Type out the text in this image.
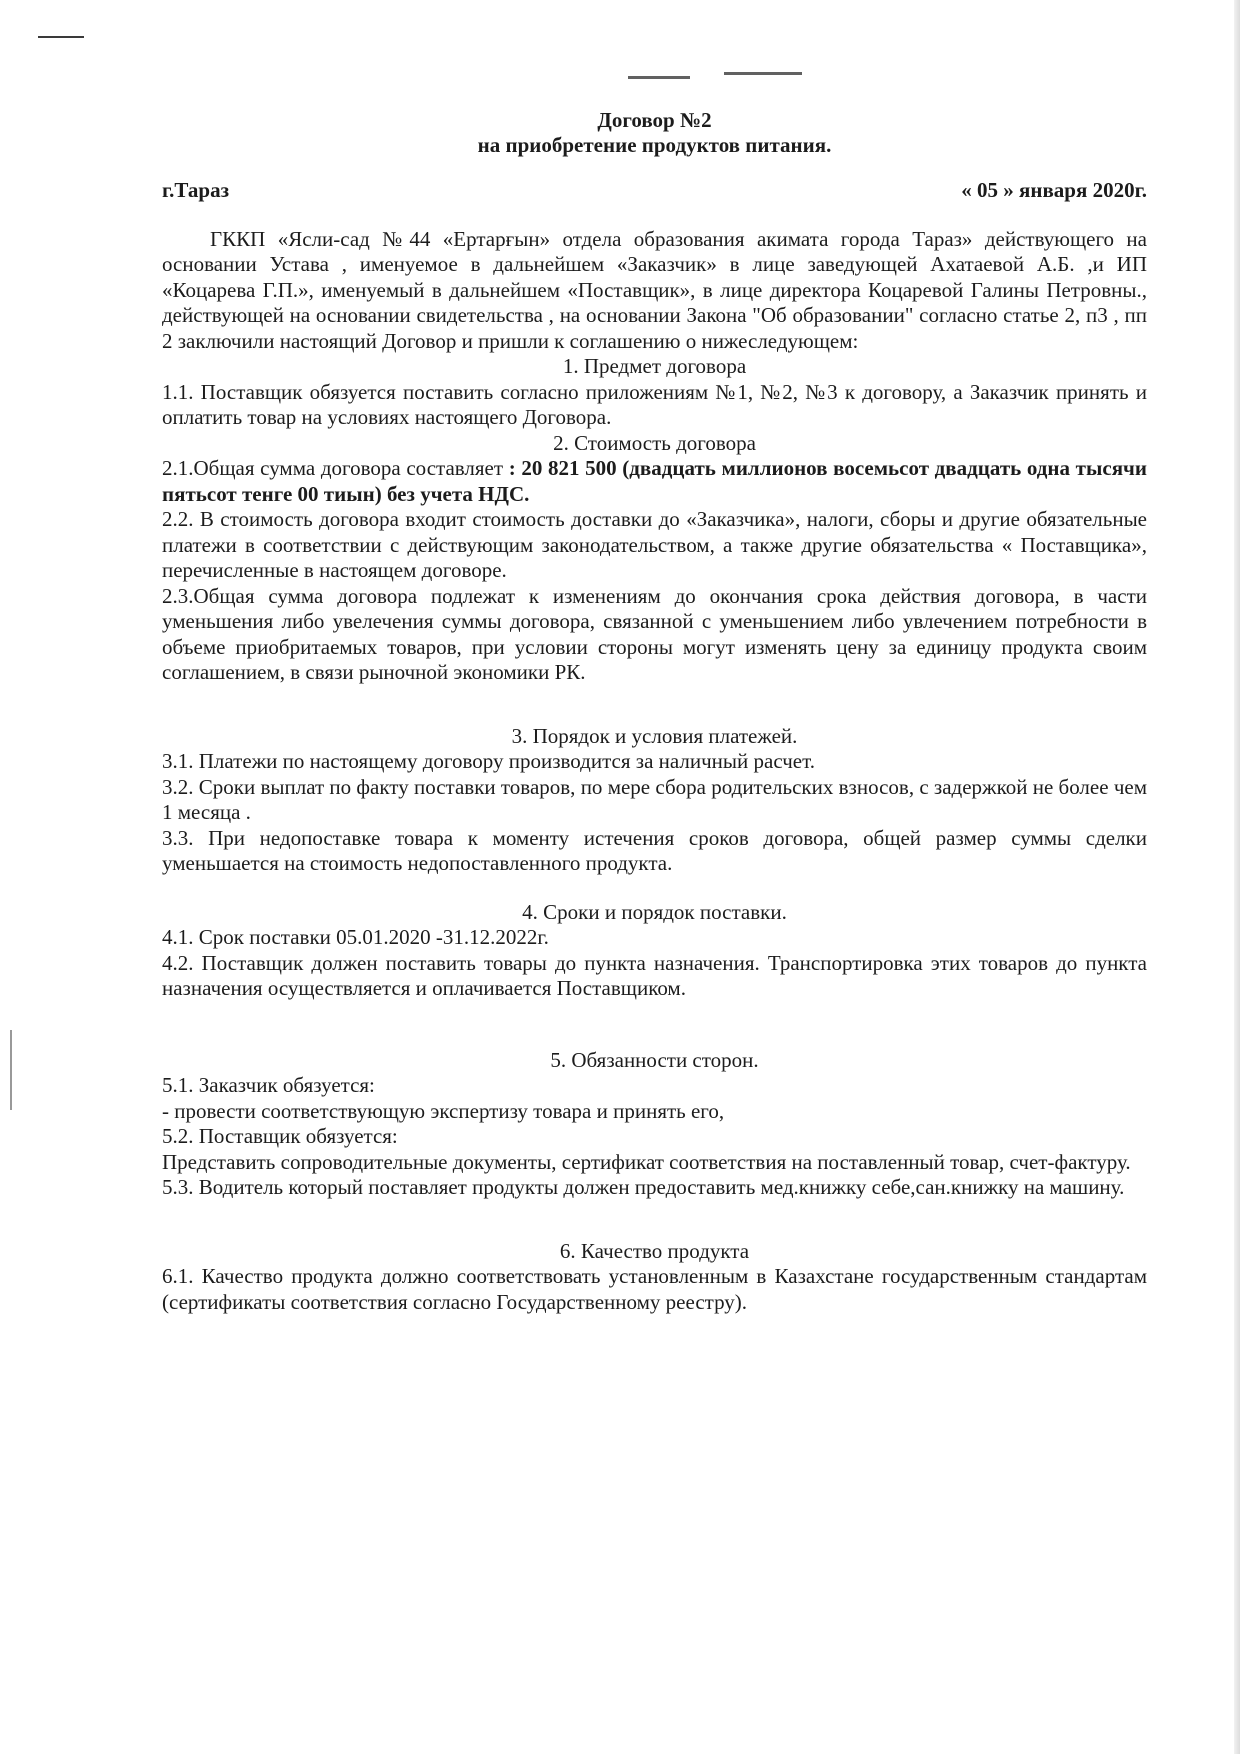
Договор №2
на приобретение продуктов питания.
г.Тараз	« 05 » января 2020г.

ГККП «Ясли-сад №44 «Ертарғын» отдела образования акимата города Тараз» действующего на основании Устава , именуемое в дальнейшем «Заказчик» в лице заведующей Ахатаевой А.Б. ,и ИП «Коцарева Г.П.», именуемый в дальнейшем «Поставщик», в лице директора Коцаревой Галины Петровны., действующей на основании свидетельства , на основании Закона "Об образовании" согласно статье 2, п3 , пп 2 заключили настоящий Договор и пришли к соглашению о нижеследующем:

1. Предмет договора

1.1. Поставщик обязуется поставить согласно приложениям №1, №2, №3 к договору, а Заказчик принять и оплатить товар на условиях настоящего Договора.

2. Стоимость договора

2.1.Общая сумма договора составляет : 20 821 500 (двадцать миллионов восемьсот двадцать одна тысячи пятьсот тенге 00 тиын) без учета НДС.

2.2. В стоимость договора входит стоимость доставки до «Заказчика», налоги, сборы и другие обязательные платежи в соответствии с действующим законодательством, а также другие обязательства « Поставщика», перечисленные в настоящем договоре.

2.3.Общая сумма договора подлежат к изменениям до окончания срока действия договора, в части уменьшения либо увелечения суммы договора, связанной с уменьшением либо увлечением потребности в объеме приобритаемых товаров, при условии стороны могут изменять цену за единицу продукта своим соглашением, в связи рыночной экономики РК.

3. Порядок и условия платежей.

3.1. Платежи по настоящему договору производится за наличный расчет.

3.2. Сроки выплат по факту поставки товаров, по мере сбора родительских взносов, с задержкой не более чем 1 месяца .

3.3. При недопоставке товара к моменту истечения сроков договора, общей размер суммы сделки уменьшается на стоимость недопоставленного продукта.

4. Сроки и порядок поставки.

4.1. Срок поставки 05.01.2020 -31.12.2022г.

4.2. Поставщик должен поставить товары до пункта назначения. Транспортировка этих товаров до пункта назначения осуществляется и оплачивается Поставщиком.

5. Обязанности сторон.

5.1. Заказчик обязуется:

- провести соответствующую экспертизу товара и принять его,

5.2. Поставщик обязуется:

Представить сопроводительные документы, сертификат соответствия на поставленный товар, счет-фактуру.

5.3. Водитель который поставляет продукты должен предоставить мед.книжку себе,сан.книжку на машину.

6. Качество продукта

6.1. Качество продукта должно соответствовать установленным в Казахстане государственным стандартам (сертификаты соответствия согласно Государственному реестру).
